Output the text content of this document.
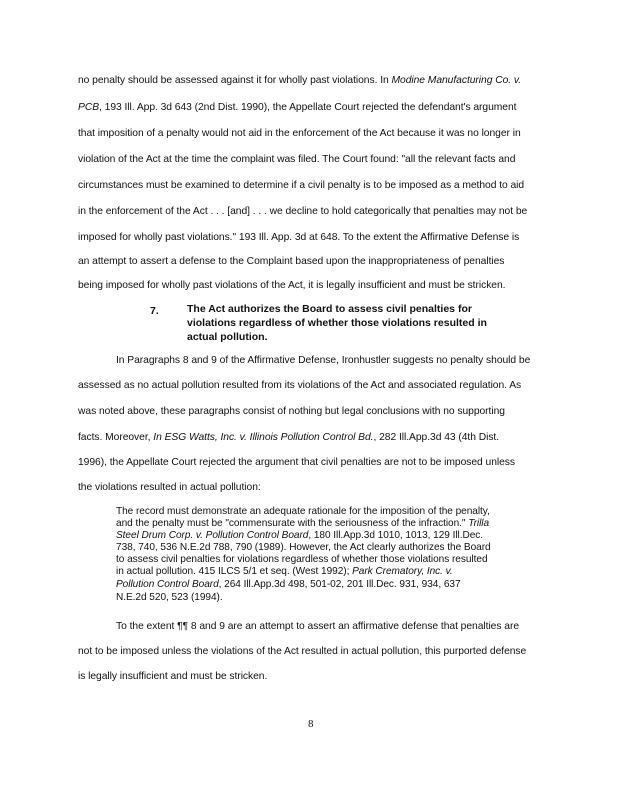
no penalty should be assessed against it for wholly past violations. In Modine Manufacturing Co. v.
PCB, 193 Ill. App. 3d 643 (2nd Dist. 1990), the Appellate Court rejected the defendant's argument
that imposition of a penalty would not aid in the enforcement of the Act because it was no longer in
violation of the Act at the time the complaint was filed. The Court found: "all the relevant facts and
circumstances must be examined to determine if a civil penalty is to be imposed as a method to aid
in the enforcement of the Act . . . [and] . . . we decline to hold categorically that penalties may not be
imposed for wholly past violations." 193 Ill. App. 3d at 648. To the extent the Affirmative Defense is
an attempt to assert a defense to the Complaint based upon the inappropriateness of penalties
being imposed for wholly past violations of the Act, it is legally insufficient and must be stricken.
7.	The Act authorizes the Board to assess civil penalties for
violations regardless of whether those violations resulted in
actual pollution.
In Paragraphs 8 and 9 of the Affirmative Defense, Ironhustler suggests no penalty should be
assessed as no actual pollution resulted from its violations of the Act and associated regulation. As
was noted above, these paragraphs consist of nothing but legal conclusions with no supporting
facts. Moreover, In ESG Watts, Inc. v. Illinois Pollution Control Bd., 282 Ill.App.3d 43 (4th Dist.
1996), the Appellate Court rejected the argument that civil penalties are not to be imposed unless
the violations resulted in actual pollution:
The record must demonstrate an adequate rationale for the imposition of the penalty,
and the penalty must be "commensurate with the seriousness of the infraction." Trilla
Steel Drum Corp. v. Pollution Control Board, 180 Ill.App.3d 1010, 1013, 129 Ill.Dec.
738, 740, 536 N.E.2d 788, 790 (1989). However, the Act clearly authorizes the Board
to assess civil penalties for violations regardless of whether those violations resulted
in actual pollution. 415 ILCS 5/1 et seq. (West 1992); Park Crematory, Inc. v.
Pollution Control Board, 264 Ill.App.3d 498, 501-02, 201 Ill.Dec. 931, 934, 637
N.E.2d 520, 523 (1994).
To the extent ¶¶ 8 and 9 are an attempt to assert an affirmative defense that penalties are
not to be imposed unless the violations of the Act resulted in actual pollution, this purported defense
is legally insufficient and must be stricken.
8
